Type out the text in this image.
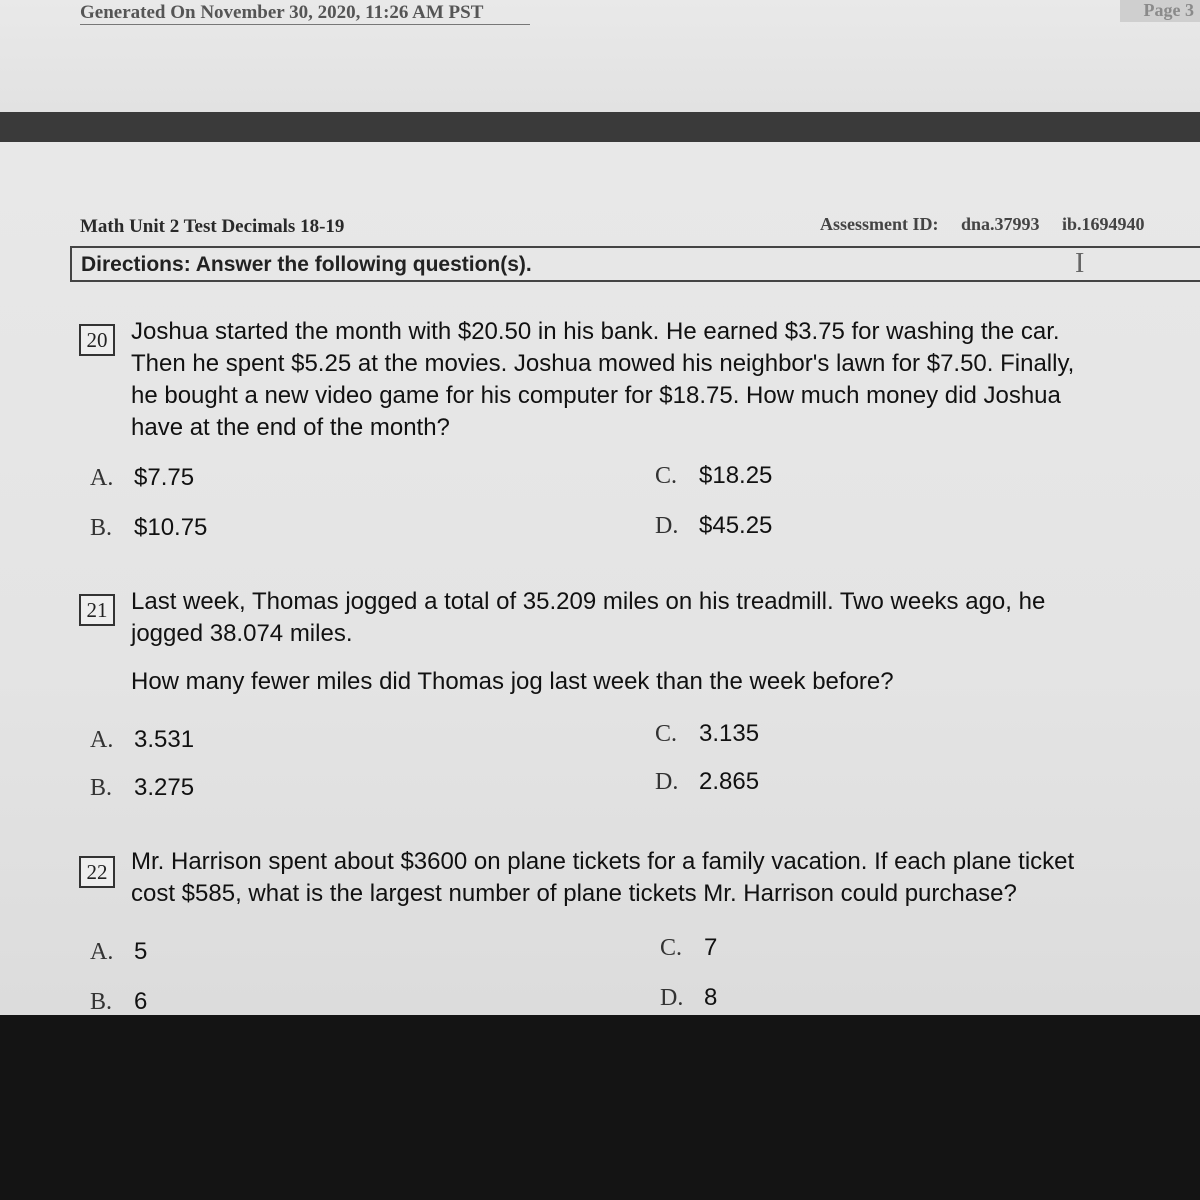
Generated On November 30, 2020, 11:26 AM PST	Page 3
Math Unit 2 Test Decimals 18-19	Assessment ID: dna.37993 ib.1694940
Directions: Answer the following question(s).	I
20 Joshua started the month with $20.50 in his bank. He earned $3.75 for washing the car.
Then he spent $5.25 at the movies. Joshua mowed his neighbor's lawn for $7.50. Finally,
he bought a new video game for his computer for $18.75. How much money did Joshua
have at the end of the month?
A. $7.75
B. $10.75
C. $18.25
D. $45.25
21 Last week, Thomas jogged a total of 35.209 miles on his treadmill. Two weeks ago, he
jogged 38.074 miles.
How many fewer miles did Thomas jog last week than the week before?
A. 3.531
B. 3.275
C. 3.135
D. 2.865
22 Mr. Harrison spent about $3600 on plane tickets for a family vacation. If each plane ticket
cost $585, what is the largest number of plane tickets Mr. Harrison could purchase?
A. 5
B. 6
C. 7
D. 8
